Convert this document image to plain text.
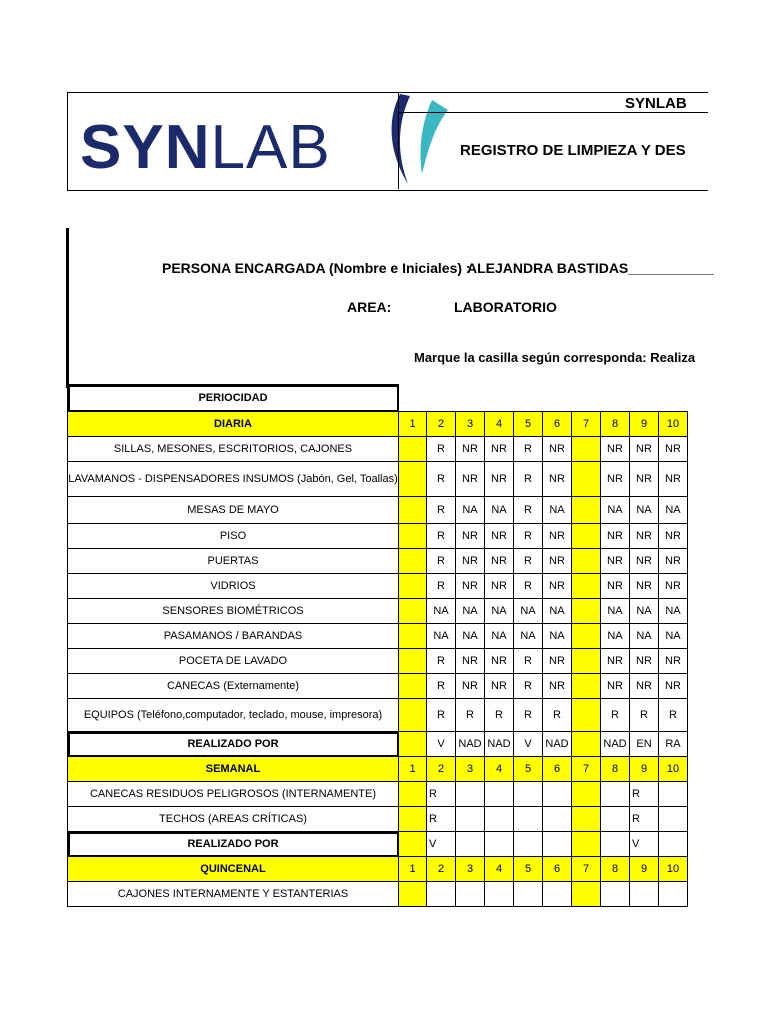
SYNLAB
SYNLAB
REGISTRO DE LIMPIEZA Y DES
PERSONA ENCARGADA (Nombre e Iniciales) :
ALEJANDRA BASTIDAS___________
AREA:	LABORATORIO
Marque la casilla según corresponda: Realiza
PERIOCIDAD										
DIARIA	1	2	3	4	5	6	7	8	9	10
SILLAS, MESONES, ESCRITORIOS, CAJONES		R	NR	NR	R	NR		NR	NR	NR
LAVAMANOS - DISPENSADORES INSUMOS (Jabón, Gel, Toallas)		R	NR	NR	R	NR		NR	NR	NR
MESAS DE MAYO		R	NA	NA	R	NA		NA	NA	NA
PISO		R	NR	NR	R	NR		NR	NR	NR
PUERTAS		R	NR	NR	R	NR		NR	NR	NR
VIDRIOS		R	NR	NR	R	NR		NR	NR	NR
SENSORES BIOMÉTRICOS		NA	NA	NA	NA	NA		NA	NA	NA
PASAMANOS / BARANDAS		NA	NA	NA	NA	NA		NA	NA	NA
POCETA DE LAVADO		R	NR	NR	R	NR		NR	NR	NR
CANECAS (Externamente)		R	NR	NR	R	NR		NR	NR	NR
EQUIPOS (Teléfono,computador, teclado, mouse, impresora)		R	R	R	R	R		R	R	R
REALIZADO POR		V	NAD	NAD	V	NAD		NAD	EN	RA
SEMANAL	1	2	3	4	5	6	7	8	9	10
CANECAS RESIDUOS PELIGROSOS (INTERNAMENTE)		R							R	
TECHOS (AREAS CRÍTICAS)		R							R	
REALIZADO POR		V							V	
QUINCENAL	1	2	3	4	5	6	7	8	9	10
CAJONES INTERNAMENTE Y ESTANTERIAS										
